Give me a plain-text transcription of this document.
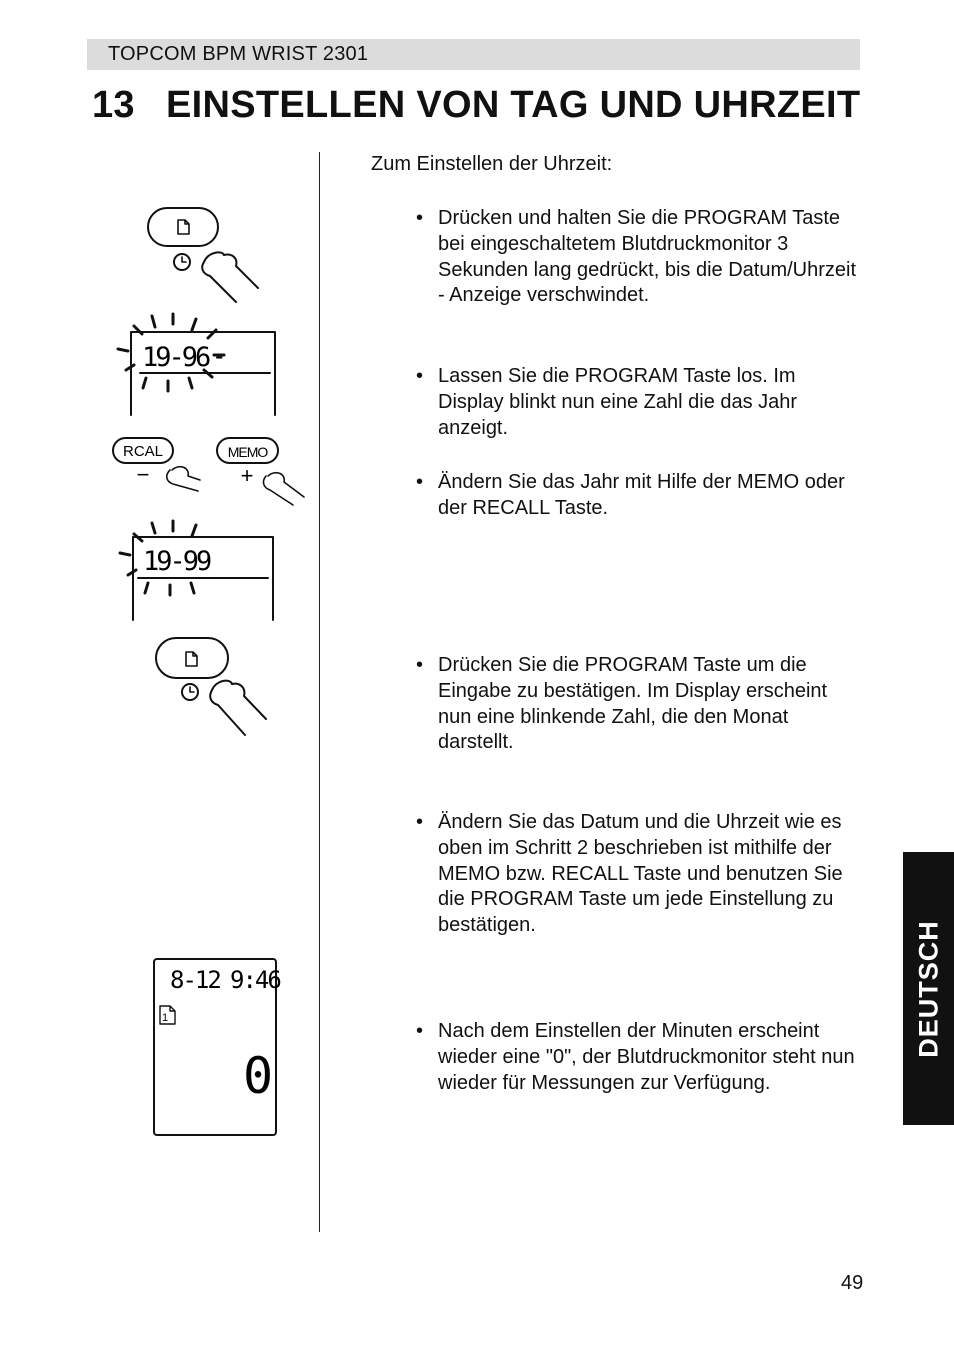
TOPCOM BPM WRIST 2301
13 EINSTELLEN VON TAG UND UHRZEIT
Zum Einstellen der Uhrzeit:
• Drücken und halten Sie die PROGRAM Taste bei eingeschaltetem Blutdruckmonitor 3 Sekunden lang gedrückt, bis die Datum/Uhrzeit - Anzeige verschwindet.
• Lassen Sie die PROGRAM Taste los. Im Display blinkt nun eine Zahl die das Jahr anzeigt.
• Ändern Sie das Jahr mit Hilfe der MEMO oder der RECALL Taste.
• Drücken Sie die PROGRAM Taste um die Eingabe zu bestätigen. Im Display erscheint nun eine blinkende Zahl, die den Monat darstellt.
• Ändern Sie das Datum und die Uhrzeit wie es oben im Schritt 2 beschrieben ist mithilfe der MEMO bzw. RECALL Taste und benutzen Sie die PROGRAM Taste um jede Einstellung zu bestätigen.
• Nach dem Einstellen der Minuten erscheint wieder eine "0", der Blutdruckmonitor steht nun wieder für Messungen zur Verfügung.
19-96 -
19-99
RCAL	MEMO
−	+
8-12 9:46
1
0
DEUTSCH
49
